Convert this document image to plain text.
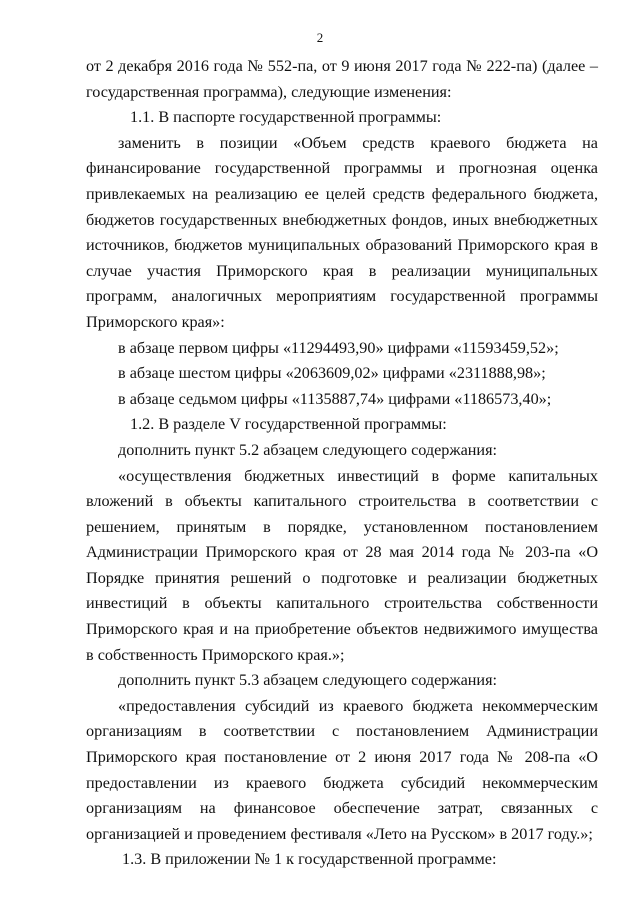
2

от 2 декабря 2016 года № 552-па, от 9 июня 2017 года № 222-па) (далее – государственная программа), следующие изменения:

1.1. В паспорте государственной программы:

заменить в позиции «Объем средств краевого бюджета на финансирование государственной программы и прогнозная оценка привлекаемых на реализацию ее целей средств федерального бюджета, бюджетов государственных внебюджетных фондов, иных внебюджетных источников, бюджетов муниципальных образований Приморского края в случае участия Приморского края в реализации муниципальных программ, аналогичных мероприятиям государственной программы Приморского края»:

в абзаце первом цифры «11294493,90» цифрами «11593459,52»;

в абзаце шестом цифры «2063609,02» цифрами «2311888,98»;

в абзаце седьмом цифры «1135887,74» цифрами «1186573,40»;

1.2. В разделе V государственной программы:

дополнить пункт 5.2 абзацем следующего содержания:

«осуществления бюджетных инвестиций в форме капитальных вложений в объекты капитального строительства в соответствии с решением, принятым в порядке, установленном постановлением Администрации Приморского края от 28 мая 2014 года № 203-па «О Порядке принятия решений о подготовке и реализации бюджетных инвестиций в объекты капитального строительства собственности Приморского края и на приобретение объектов недвижимого имущества в собственность Приморского края.»;

дополнить пункт 5.3 абзацем следующего содержания:

«предоставления субсидий из краевого бюджета некоммерческим организациям в соответствии с постановлением Администрации Приморского края постановление от 2 июня 2017 года № 208-па «О предоставлении из краевого бюджета субсидий некоммерческим организациям на финансовое обеспечение затрат, связанных с организацией и проведением фестиваля «Лето на Русском» в 2017 году.»;

1.3. В приложении № 1 к государственной программе:
